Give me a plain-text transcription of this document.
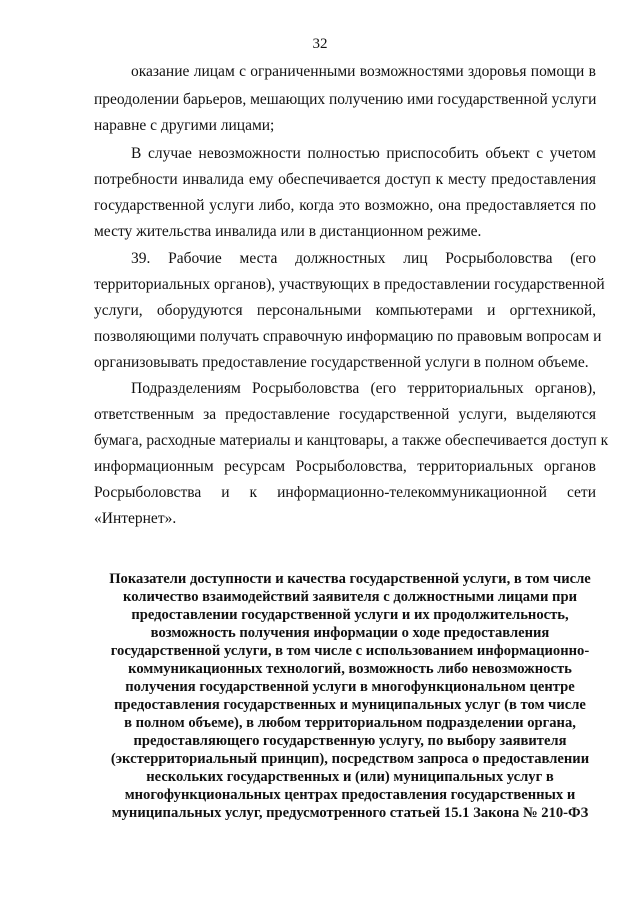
32
оказание лицам с ограниченными возможностями здоровья помощи в
преодолении барьеров, мешающих получению ими государственной услуги
наравне с другими лицами;
В случае невозможности полностью приспособить объект с учетом
потребности инвалида ему обеспечивается доступ к месту предоставления
государственной услуги либо, когда это возможно, она предоставляется по
месту жительства инвалида или в дистанционном режиме.
39. Рабочие места должностных лиц Росрыболовства (его
территориальных органов), участвующих в предоставлении государственной
услуги, оборудуются персональными компьютерами и оргтехникой,
позволяющими получать справочную информацию по правовым вопросам и
организовывать предоставление государственной услуги в полном объеме.
Подразделениям Росрыболовства (его территориальных органов),
ответственным за предоставление государственной услуги, выделяются
бумага, расходные материалы и канцтовары, а также обеспечивается доступ к
информационным ресурсам Росрыболовства, территориальных органов
Росрыболовства и к информационно-телекоммуникационной сети
«Интернет».
Показатели доступности и качества государственной услуги, в том числе
количество взаимодействий заявителя с должностными лицами при
предоставлении государственной услуги и их продолжительность,
возможность получения информации о ходе предоставления
государственной услуги, в том числе с использованием информационно-
коммуникационных технологий, возможность либо невозможность
получения государственной услуги в многофункциональном центре
предоставления государственных и муниципальных услуг (в том числе
в полном объеме), в любом территориальном подразделении органа,
предоставляющего государственную услугу, по выбору заявителя
(экстерриториальный принцип), посредством запроса о предоставлении
нескольких государственных и (или) муниципальных услуг в
многофункциональных центрах предоставления государственных и
муниципальных услуг, предусмотренного статьей 15.1 Закона № 210-ФЗ
